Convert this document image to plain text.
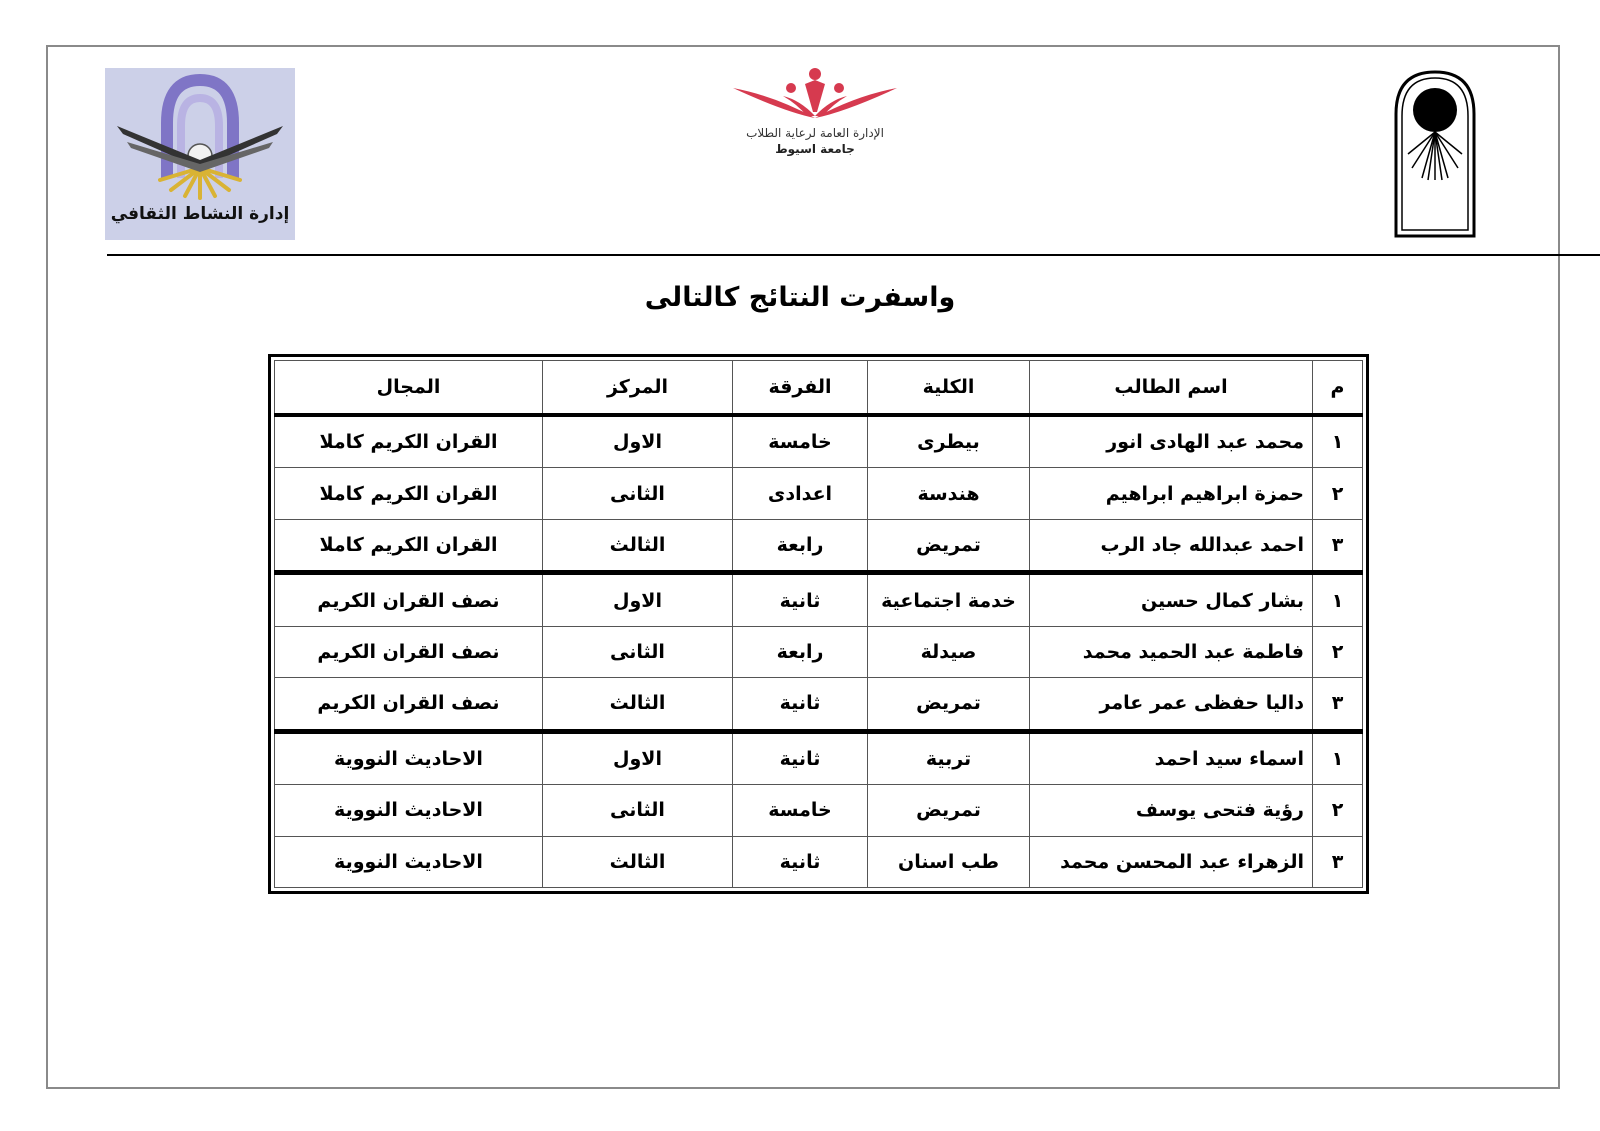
إدارة النشاط الثقافي
الإدارة العامة لرعاية الطلاب
جامعة اسيوط
واسفرت النتائج كالتالى
م	اسم الطالب	الكلية	الفرقة	المركز	المجال
١	محمد عبد الهادى انور	بيطرى	خامسة	الاول	القران الكريم كاملا
٢	حمزة ابراهيم ابراهيم	هندسة	اعدادى	الثانى	القران الكريم كاملا
٣	احمد عبدالله جاد الرب	تمريض	رابعة	الثالث	القران الكريم كاملا
١	بشار كمال حسين	خدمة اجتماعية	ثانية	الاول	نصف القران الكريم
٢	فاطمة عبد الحميد محمد	صيدلة	رابعة	الثانى	نصف القران الكريم
٣	داليا حفظى عمر عامر	تمريض	ثانية	الثالث	نصف القران الكريم
١	اسماء سيد احمد	تربية	ثانية	الاول	الاحاديث النووية
٢	رؤية فتحى يوسف	تمريض	خامسة	الثانى	الاحاديث النووية
٣	الزهراء عبد المحسن محمد	طب اسنان	ثانية	الثالث	الاحاديث النووية
